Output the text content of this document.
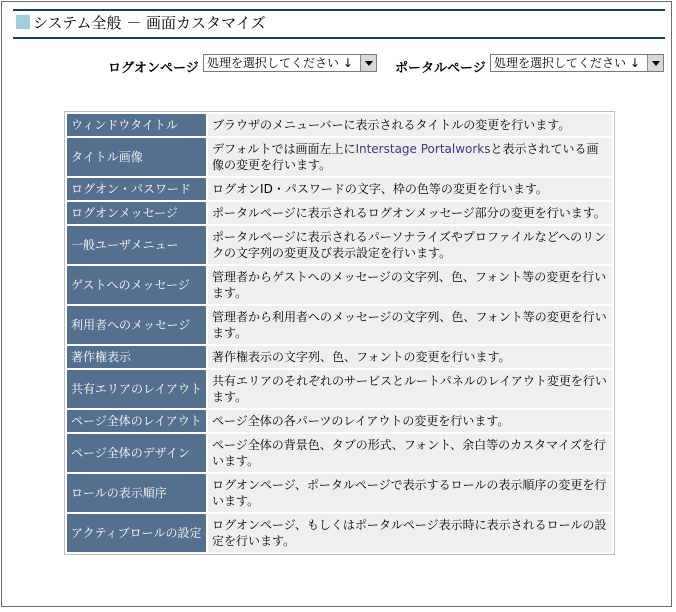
システム全般 － 画面カスタマイズ
ログオンページ 処理を選択してください ↓	ポータルページ 処理を選択してください ↓
ウィンドウタイトル	ブラウザのメニューバーに表示されるタイトルの変更を行います。
タイトル画像	デフォルトでは画面左上にInterstage Portalworksと表示されている画像の変更を行います。
ログオン・パスワード	ログオンID・パスワードの文字、枠の色等の変更を行います。
ログオンメッセージ	ポータルページに表示されるログオンメッセージ部分の変更を行います。
一般ユーザメニュー	ポータルページに表示されるパーソナライズやプロファイルなどへのリンクの文字列の変更及び表示設定を行います。
ゲストへのメッセージ	管理者からゲストへのメッセージの文字列、色、フォント等の変更を行います。
利用者へのメッセージ	管理者から利用者へのメッセージの文字列、色、フォント等の変更を行います。
著作権表示	著作権表示の文字列、色、フォントの変更を行います。
共有エリアのレイアウト	共有エリアのそれぞれのサービスとルートパネルのレイアウト変更を行います。
ページ全体のレイアウト	ページ全体の各パーツのレイアウトの変更を行います。
ページ全体のデザイン	ページ全体の背景色、タブの形式、フォント、余白等のカスタマイズを行います。
ロールの表示順序	ログオンページ、ポータルページで表示するロールの表示順序の変更を行います。
アクティブロールの設定	ログオンページ、もしくはポータルページ表示時に表示されるロールの設定を行います。
